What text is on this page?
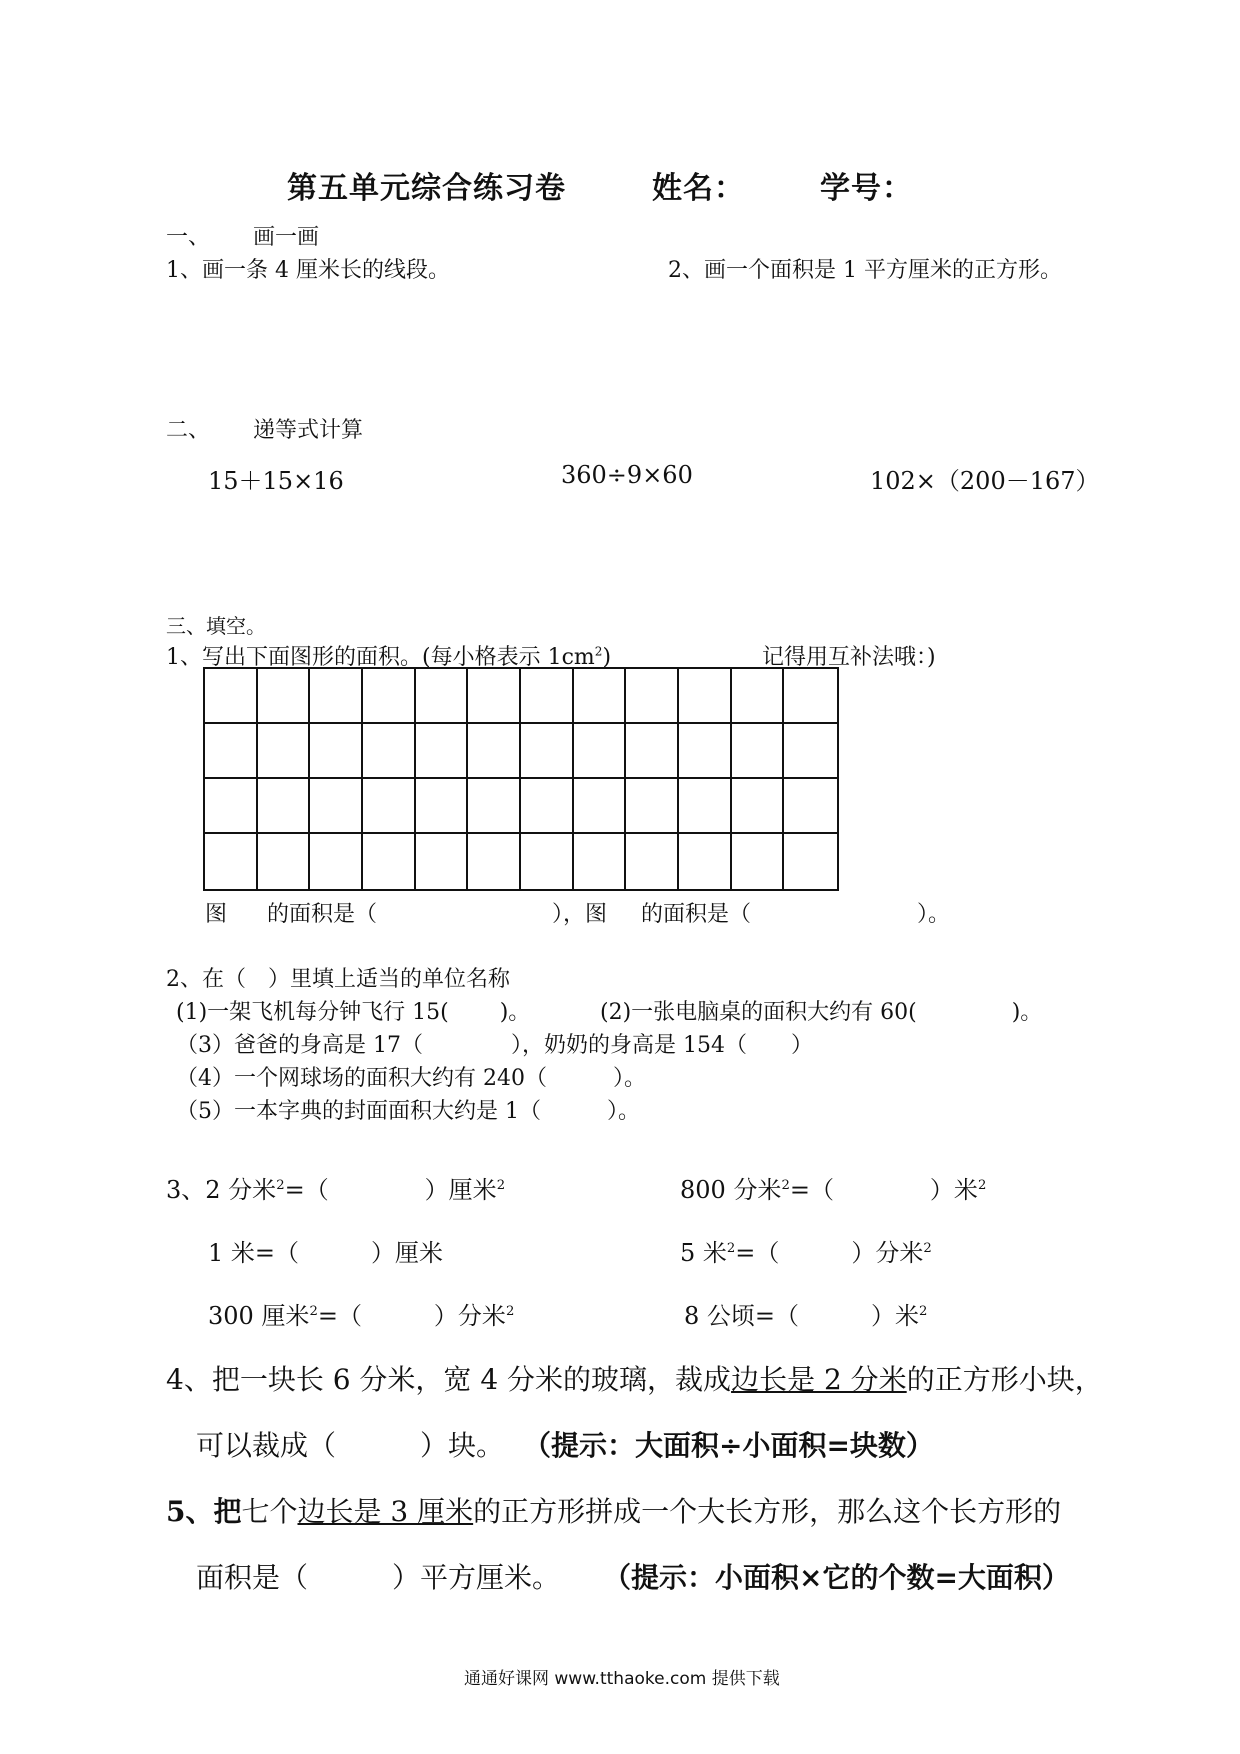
第五单元综合练习卷	姓名：	学号：
一、 画一画
1、画一条 4 厘米长的线段。	2、画一个面积是 1 平方厘米的正方形。
二、 递等式计算
15＋15×16	360÷9×60	102×（200－167）
三、填空。
1、写出下面图形的面积。(每小格表示 $1cm^2$)	记得用互补法哦：)
图 的面积是（	），图 的面积是（	）。
2、在（　）里填上适当的单位名称
(1)一架飞机每分钟飞行 15(　　 )。	(2)一张电脑桌的面积大约有 60(　　　　 )。
（3）爸爸的身高是 17（　　　　），奶奶的身高是 154（　　）
（4）一个网球场的面积大约有 240（　　　）。
（5）一本字典的封面面积大约是 1（　　　）。
3、2 分米$^2$=（　　　　）厘米$^2$	800 分米$^2$=（　　　　）米$^2$
1 米=（　　　）厘米	5 米$^2$=（　　　）分米$^2$
300 厘米$^2$=（　　　）分米$^2$	8 公顷=（　　　）米$^2$
4、把一块长 6 分米，宽 4 分米的玻璃，裁成边长是 2 分米的正方形小块，
可以裁成（　　　）块。 （提示：大面积÷小面积=块数）
5、把七个边长是 3 厘米的正方形拼成一个大长方形，那么这个长方形的
面积是（　　　）平方厘米。 （提示：小面积×它的个数=大面积）
通通好课网 www.tthaoke.com 提供下载
